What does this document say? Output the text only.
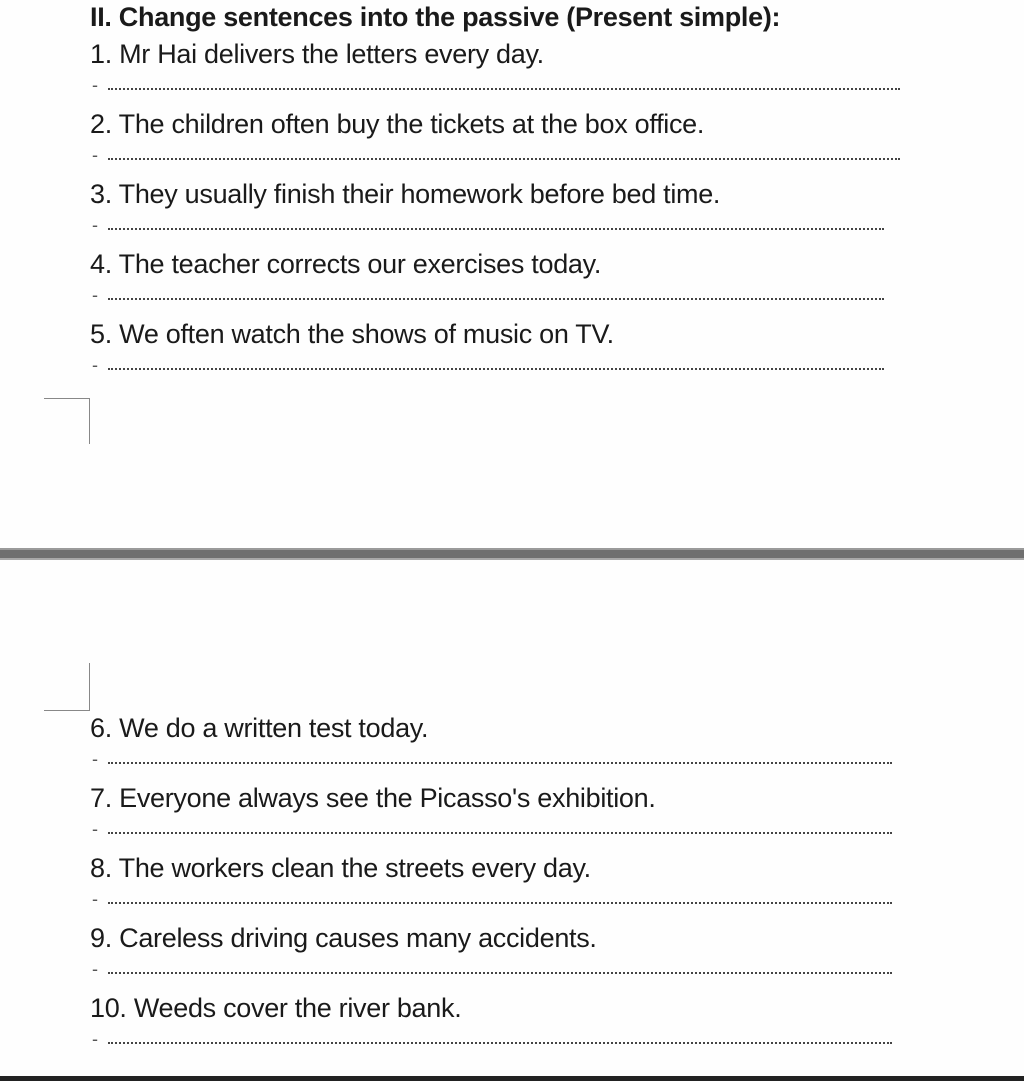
II. Change sentences into the passive (Present simple):
1. Mr Hai delivers the letters every day.
-
2. The children often buy the tickets at the box office.
-
3. They usually finish their homework before bed time.
-
4. The teacher corrects our exercises today.
-
5. We often watch the shows of music on TV.
-
6. We do a written test today.
-
7. Everyone always see the Picasso's exhibition.
-
8. The workers clean the streets every day.
-
9. Careless driving causes many accidents.
-
10. Weeds cover the river bank.
-
